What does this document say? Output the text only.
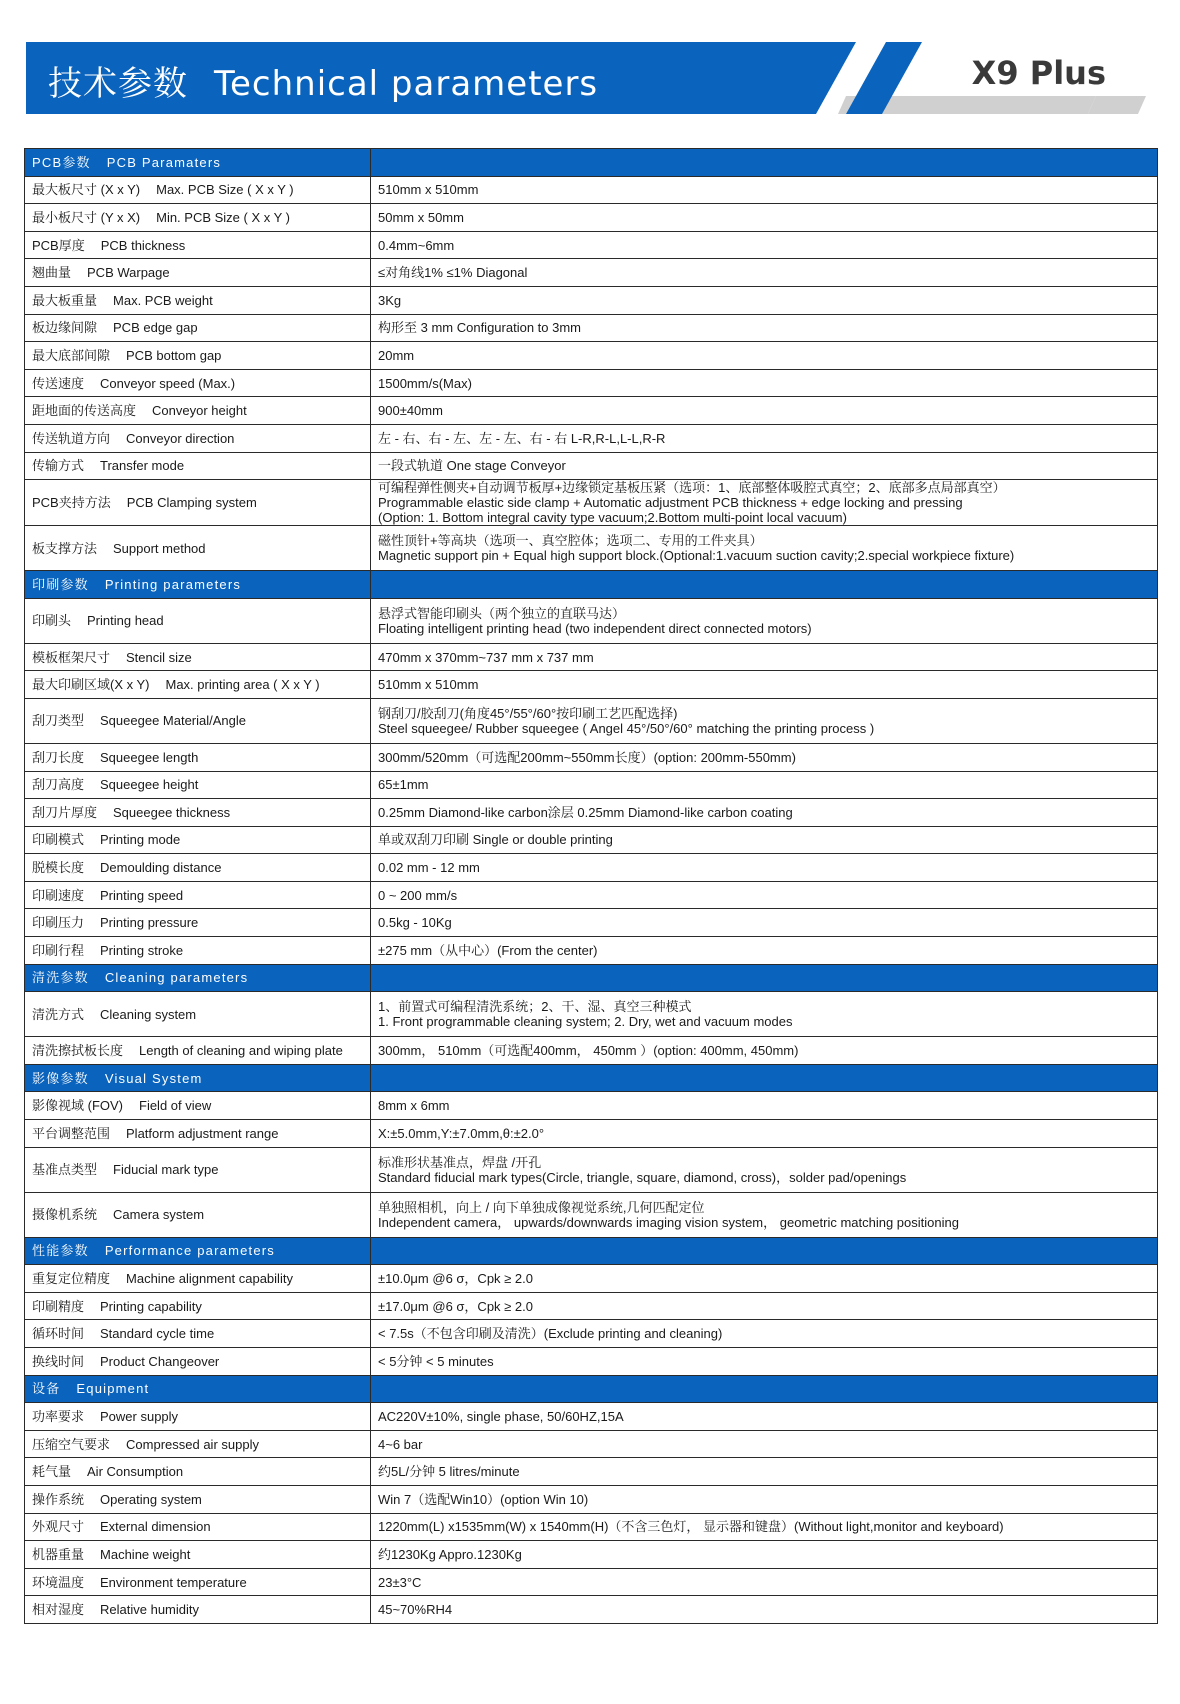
技术参数 Technical parameters	X9 Plus
PCB参数 PCB Paramaters	
最大板尺寸 (X x Y) Max. PCB Size ( X x Y )	510mm x 510mm

最小板尺寸 (Y x X) Min. PCB Size ( X x Y )	50mm x 50mm

PCB厚度 PCB thickness	0.4mm~6mm

翘曲量 PCB Warpage	≤对角线1% ≤1% Diagonal

最大板重量 Max. PCB weight	3Kg

板边缘间隙 PCB edge gap	构形至 3 mm Configuration to 3mm

最大底部间隙 PCB bottom gap	20mm

传送速度 Conveyor speed (Max.)	1500mm/s(Max)

距地面的传送高度 Conveyor height	900±40mm

传送轨道方向 Conveyor direction	左 - 右、右 - 左、左 - 左、右 - 右 L-R,R-L,L-L,R-R

传输方式 Transfer mode	一段式轨道 One stage Conveyor

PCB夹持方法 PCB Clamping system	可编程弹性侧夹+自动调节板厚+边缘锁定基板压紧（选项：1、底部整体吸腔式真空；2、底部多点局部真空）
Programmable elastic side clamp + Automatic adjustment PCB thickness + edge locking and pressing
(Option: 1. Bottom integral cavity type vacuum;2.Bottom multi-point local vacuum)

板支撑方法 Support method	磁性顶针+等高块（选项一、真空腔体；选项二、专用的工件夹具）
Magnetic support pin + Equal high support block.(Optional:1.vacuum suction cavity;2.special workpiece fixture)

印刷参数 Printing parameters	
印刷头 Printing head	悬浮式智能印刷头（两个独立的直联马达）
Floating intelligent printing head (two independent direct connected motors)

模板框架尺寸 Stencil size	470mm x 370mm~737 mm x 737 mm

最大印刷区域(X x Y) Max. printing area ( X x Y )	510mm x 510mm

刮刀类型 Squeegee Material/Angle	钢刮刀/胶刮刀(角度45°/55°/60°按印刷工艺匹配选择)
Steel squeegee/ Rubber squeegee ( Angel 45°/50°/60° matching the printing process )

刮刀长度 Squeegee length	300mm/520mm（可选配200mm~550mm长度）(option: 200mm-550mm)

刮刀高度 Squeegee height	65±1mm

刮刀片厚度 Squeegee thickness	0.25mm Diamond-like carbon涂层 0.25mm Diamond-like carbon coating

印刷模式 Printing mode	单或双刮刀印刷 Single or double printing

脱模长度 Demoulding distance	0.02 mm - 12 mm

印刷速度 Printing speed	0 ~ 200 mm/s

印刷压力 Printing pressure	0.5kg - 10Kg

印刷行程 Printing stroke	±275 mm（从中心）(From the center)

清洗参数 Cleaning parameters	
清洗方式 Cleaning system	1、前置式可编程清洗系统；2、干、湿、真空三种模式
1. Front programmable cleaning system; 2. Dry, wet and vacuum modes

清洗擦拭板长度 Length of cleaning and wiping plate	300mm， 510mm（可选配400mm， 450mm ）(option: 400mm, 450mm)

影像参数 Visual System	
影像视域 (FOV) Field of view	8mm x 6mm

平台调整范围 Platform adjustment range	X:±5.0mm,Y:±7.0mm,θ:±2.0°

基准点类型 Fiducial mark type	标准形状基准点，焊盘 /开孔
Standard fiducial mark types(Circle, triangle, square, diamond, cross)，solder pad/openings

摄像机系统 Camera system	单独照相机，向上 / 向下单独成像视觉系统,几何匹配定位
Independent camera， upwards/downwards imaging vision system， geometric matching positioning

性能参数 Performance parameters	
重复定位精度 Machine alignment capability	±10.0μm @6 σ，Cpk ≥ 2.0

印刷精度 Printing capability	±17.0μm @6 σ，Cpk ≥ 2.0

循环时间 Standard cycle time	< 7.5s（不包含印刷及清洗）(Exclude printing and cleaning)

换线时间 Product Changeover	< 5分钟 < 5 minutes

设备 Equipment	
功率要求 Power supply	AC220V±10%, single phase, 50/60HZ,15A

压缩空气要求 Compressed air supply	4~6 bar

耗气量 Air Consumption	约5L/分钟 5 litres/minute

操作系统 Operating system	Win 7（选配Win10）(option Win 10)

外观尺寸 External dimension	1220mm(L) x1535mm(W) x 1540mm(H)（不含三色灯， 显示器和键盘）(Without light,monitor and keyboard)

机器重量 Machine weight	约1230Kg Appro.1230Kg

环境温度 Environment temperature	23±3°C

相对湿度 Relative humidity	45~70%RH4
